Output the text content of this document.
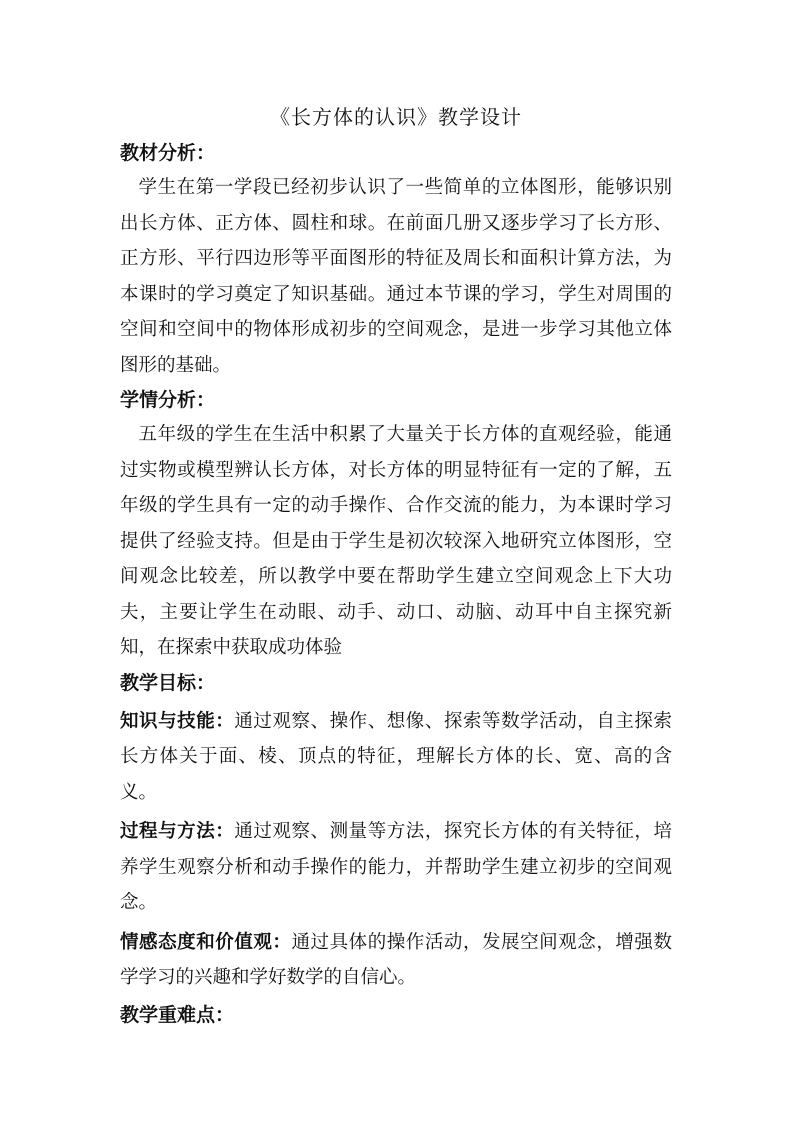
《长方体的认识》教学设计

教材分析：

学生在第一学段已经初步认识了一些简单的立体图形，能够识别出长方体、正方体、圆柱和球。在前面几册又逐步学习了长方形、正方形、平行四边形等平面图形的特征及周长和面积计算方法，为本课时的学习奠定了知识基础。通过本节课的学习，学生对周围的空间和空间中的物体形成初步的空间观念，是进一步学习其他立体图形的基础。

学情分析：

五年级的学生在生活中积累了大量关于长方体的直观经验，能通过实物或模型辨认长方体，对长方体的明显特征有一定的了解，五年级的学生具有一定的动手操作、合作交流的能力，为本课时学习提供了经验支持。但是由于学生是初次较深入地研究立体图形，空间观念比较差，所以教学中要在帮助学生建立空间观念上下大功夫，主要让学生在动眼、动手、动口、动脑、动耳中自主探究新知，在探索中获取成功体验

教学目标：

知识与技能：通过观察、操作、想像、探索等数学活动，自主探索长方体关于面、棱、顶点的特征，理解长方体的长、宽、高的含义。

过程与方法：通过观察、测量等方法，探究长方体的有关特征，培养学生观察分析和动手操作的能力，并帮助学生建立初步的空间观念。

情感态度和价值观：通过具体的操作活动，发展空间观念，增强数学学习的兴趣和学好数学的自信心。

教学重难点：
